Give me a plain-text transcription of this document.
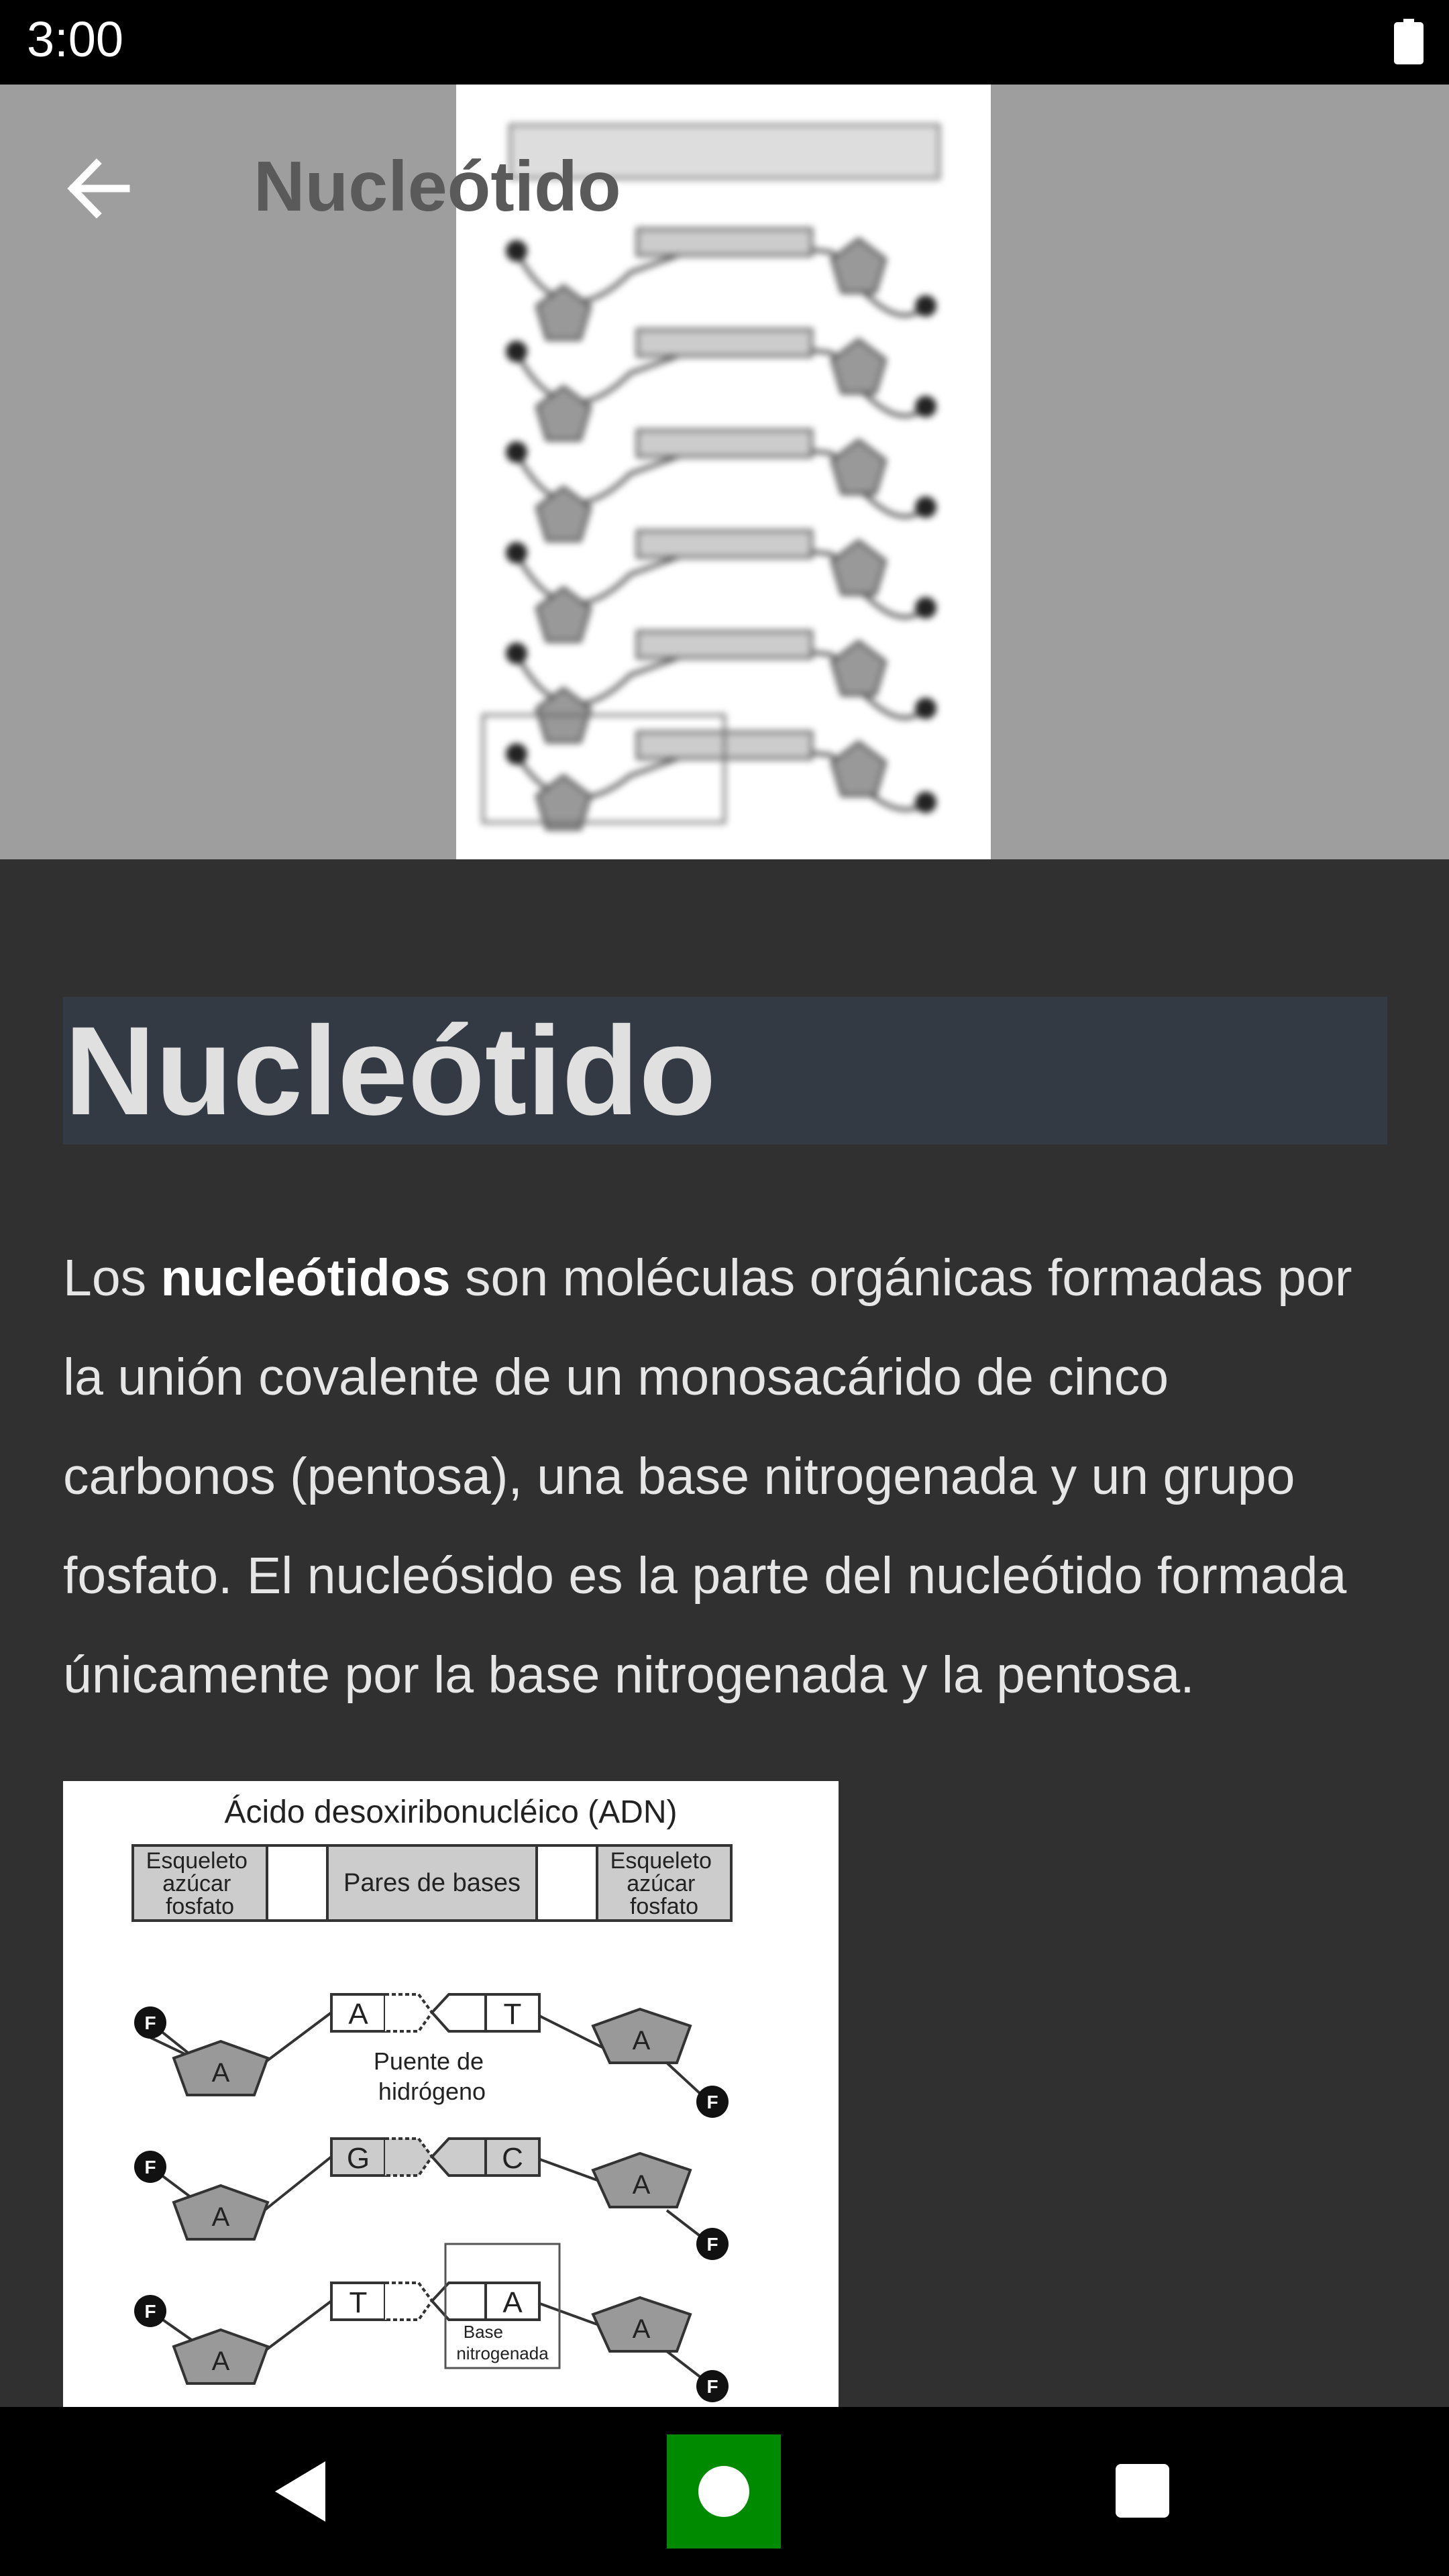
3:00
Nucleótido
Nucleótido
Los nucleótidos son moléculas orgánicas formadas por la unión covalente de un monosacárido de cinco carbonos (pentosa), una base nitrogenada y un grupo fosfato. El nucleósido es la parte del nucleótido formada únicamente por la base nitrogenada y la pentosa.
Ácido desoxiribonucléico (ADN)
Esqueleto azúcar fosfato
Pares de bases
Esqueleto azúcar fosfato
A	T
Puente de hidrógeno
G	C
T	A
Base nitrogenada
A
A
A
A
A
A
F
F
F
F
F
F
